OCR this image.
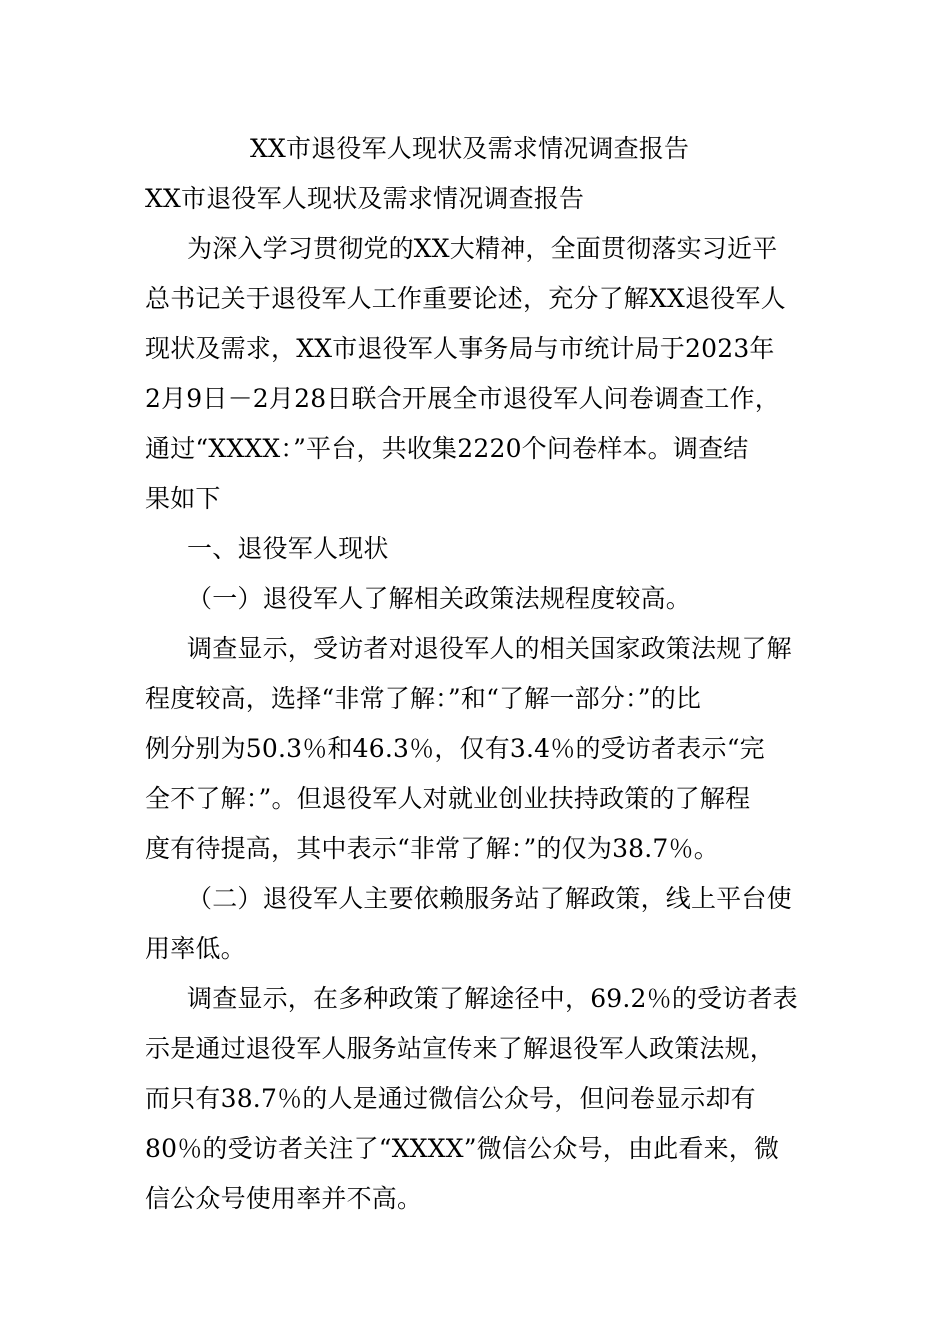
XX市退役军人现状及需求情况调查报告
XX市退役军人现状及需求情况调查报告
为深入学习贯彻党的XX大精神，全面贯彻落实习近平
总书记关于退役军人工作重要论述，充分了解XX退役军人
现状及需求，XX市退役军人事务局与市统计局于2023年
2月9日－2月28日联合开展全市退役军人问卷调查工作，
通过“XXXX：”平台，共收集2220个问卷样本。调查结
果如下
一、退役军人现状
（一）退役军人了解相关政策法规程度较高。
调查显示，受访者对退役军人的相关国家政策法规了解
程度较高，选择“非常了解：”和“了解一部分：”的比
例分别为50.3％和46.3％，仅有3.4％的受访者表示“完
全不了解：”。但退役军人对就业创业扶持政策的了解程
度有待提高，其中表示“非常了解：”的仅为38.7％。
（二）退役军人主要依赖服务站了解政策，线上平台使
用率低。
调查显示，在多种政策了解途径中，69.2％的受访者表
示是通过退役军人服务站宣传来了解退役军人政策法规，
而只有38.7％的人是通过微信公众号，但问卷显示却有
80％的受访者关注了“XXXX”微信公众号，由此看来，微
信公众号使用率并不高。
